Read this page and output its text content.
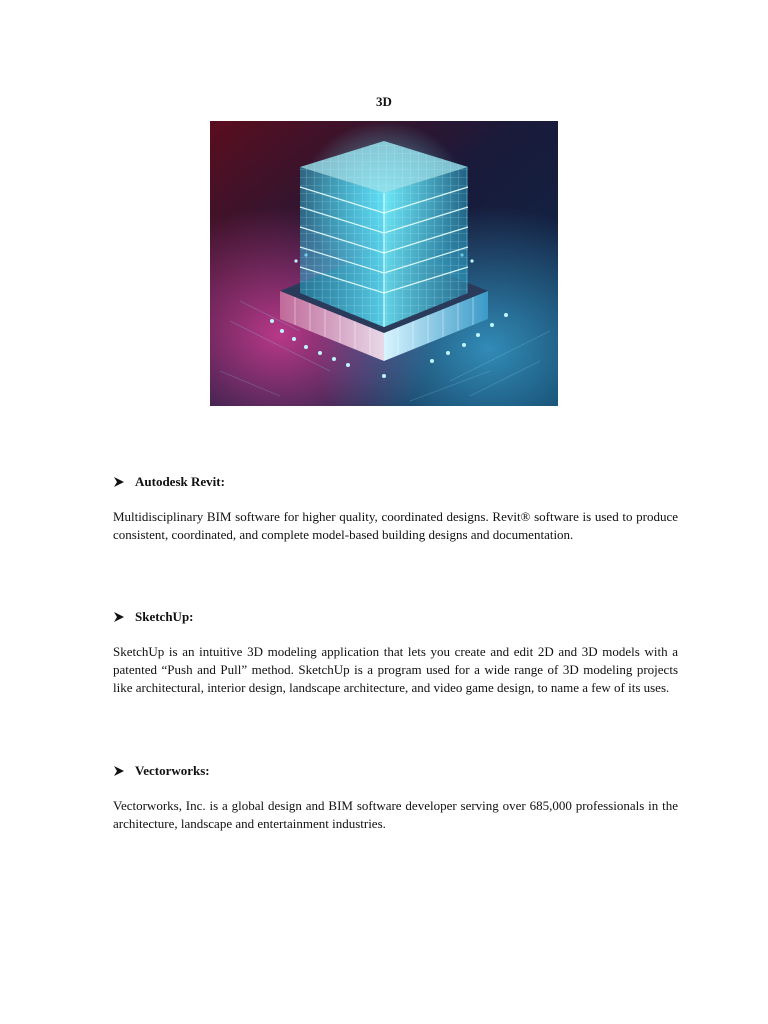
3D
Autodesk Revit:

Multidisciplinary BIM software for higher quality, coordinated designs. Revit® software is used to produce consistent, coordinated, and complete model-based building designs and documentation.

SketchUp:

SketchUp is an intuitive 3D modeling application that lets you create and edit 2D and 3D models with a patented “Push and Pull” method. SketchUp is a program used for a wide range of 3D modeling projects like architectural, interior design, landscape architecture, and video game design, to name a few of its uses.

Vectorworks:

Vectorworks, Inc. is a global design and BIM software developer serving over 685,000 professionals in the architecture, landscape and entertainment industries.
